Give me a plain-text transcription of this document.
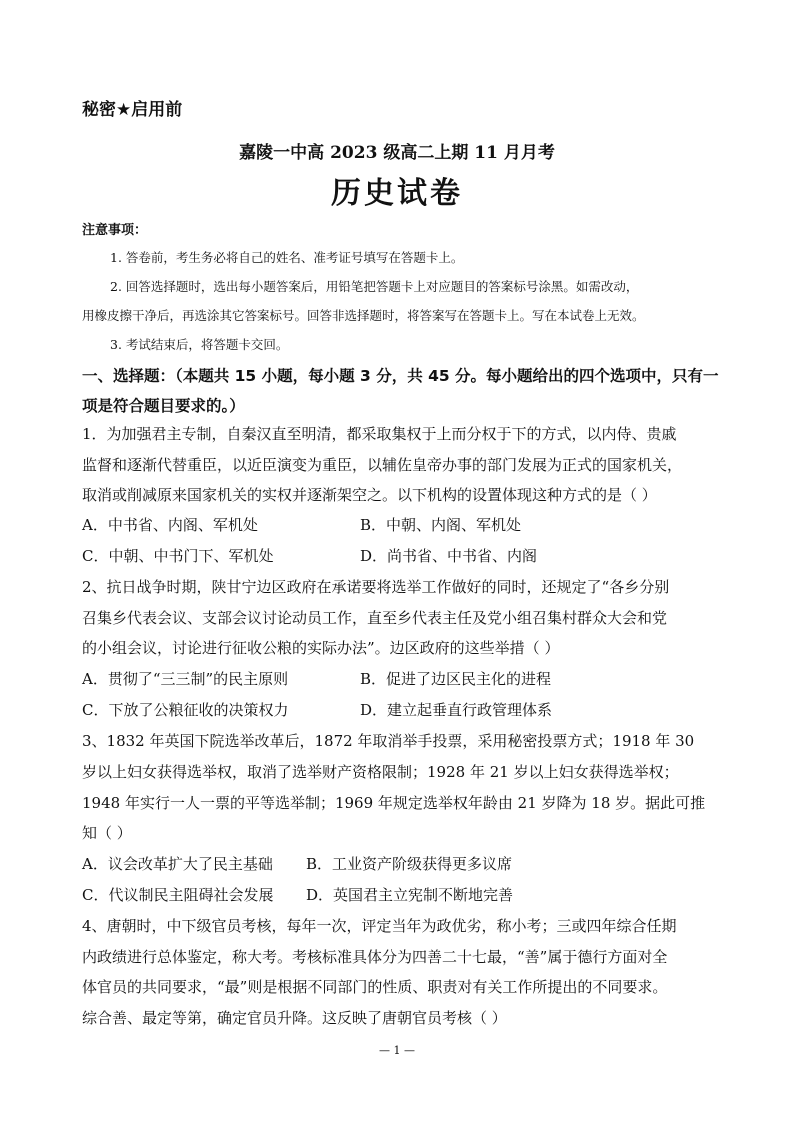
秘密★启用前
嘉陵一中高 2023 级高二上期 11 月月考
历史试卷
注意事项：
1. 答卷前，考生务必将自己的姓名、准考证号填写在答题卡上。
2. 回答选择题时，选出每小题答案后，用铅笔把答题卡上对应题目的答案标号涂黑。如需改动，
用橡皮擦干净后，再选涂其它答案标号。回答非选择题时，将答案写在答题卡上。写在本试卷上无效。
3. 考试结束后，将答题卡交回。
一、选择题：（本题共 15 小题，每小题 3 分，共 45 分。每小题给出的四个选项中，只有一
项是符合题目要求的。）
1．为加强君主专制，自秦汉直至明清，都采取集权于上而分权于下的方式，以内侍、贵戚
监督和逐渐代替重臣，以近臣演变为重臣，以辅佐皇帝办事的部门发展为正式的国家机关，
取消或削减原来国家机关的实权并逐渐架空之。以下机构的设置体现这种方式的是（ ）
A．中书省、内阁、军机处	B．中朝、内阁、军机处
C．中朝、中书门下、军机处	D．尚书省、中书省、内阁
2、抗日战争时期，陕甘宁边区政府在承诺要将选举工作做好的同时，还规定了“各乡分别
召集乡代表会议、支部会议讨论动员工作，直至乡代表主任及党小组召集村群众大会和党
的小组会议，讨论进行征收公粮的实际办法”。边区政府的这些举措（ ）
A．贯彻了“三三制”的民主原则	B．促进了边区民主化的进程
C．下放了公粮征收的决策权力	D．建立起垂直行政管理体系
3、1832 年英国下院选举改革后，1872 年取消举手投票，采用秘密投票方式；1918 年 30
岁以上妇女获得选举权，取消了选举财产资格限制；1928 年 21 岁以上妇女获得选举权；
1948 年实行一人一票的平等选举制；1969 年规定选举权年龄由 21 岁降为 18 岁。据此可推
知（ ）
A．议会改革扩大了民主基础 B．工业资产阶级获得更多议席
C．代议制民主阻碍社会发展 D．英国君主立宪制不断地完善
4、唐朝时，中下级官员考核，每年一次，评定当年为政优劣，称小考；三或四年综合任期
内政绩进行总体鉴定，称大考。考核标准具体分为四善二十七最，“善”属于德行方面对全
体官员的共同要求，“最”则是根据不同部门的性质、职责对有关工作所提出的不同要求。
综合善、最定等第，确定官员升降。这反映了唐朝官员考核（ ）
— 1 —
